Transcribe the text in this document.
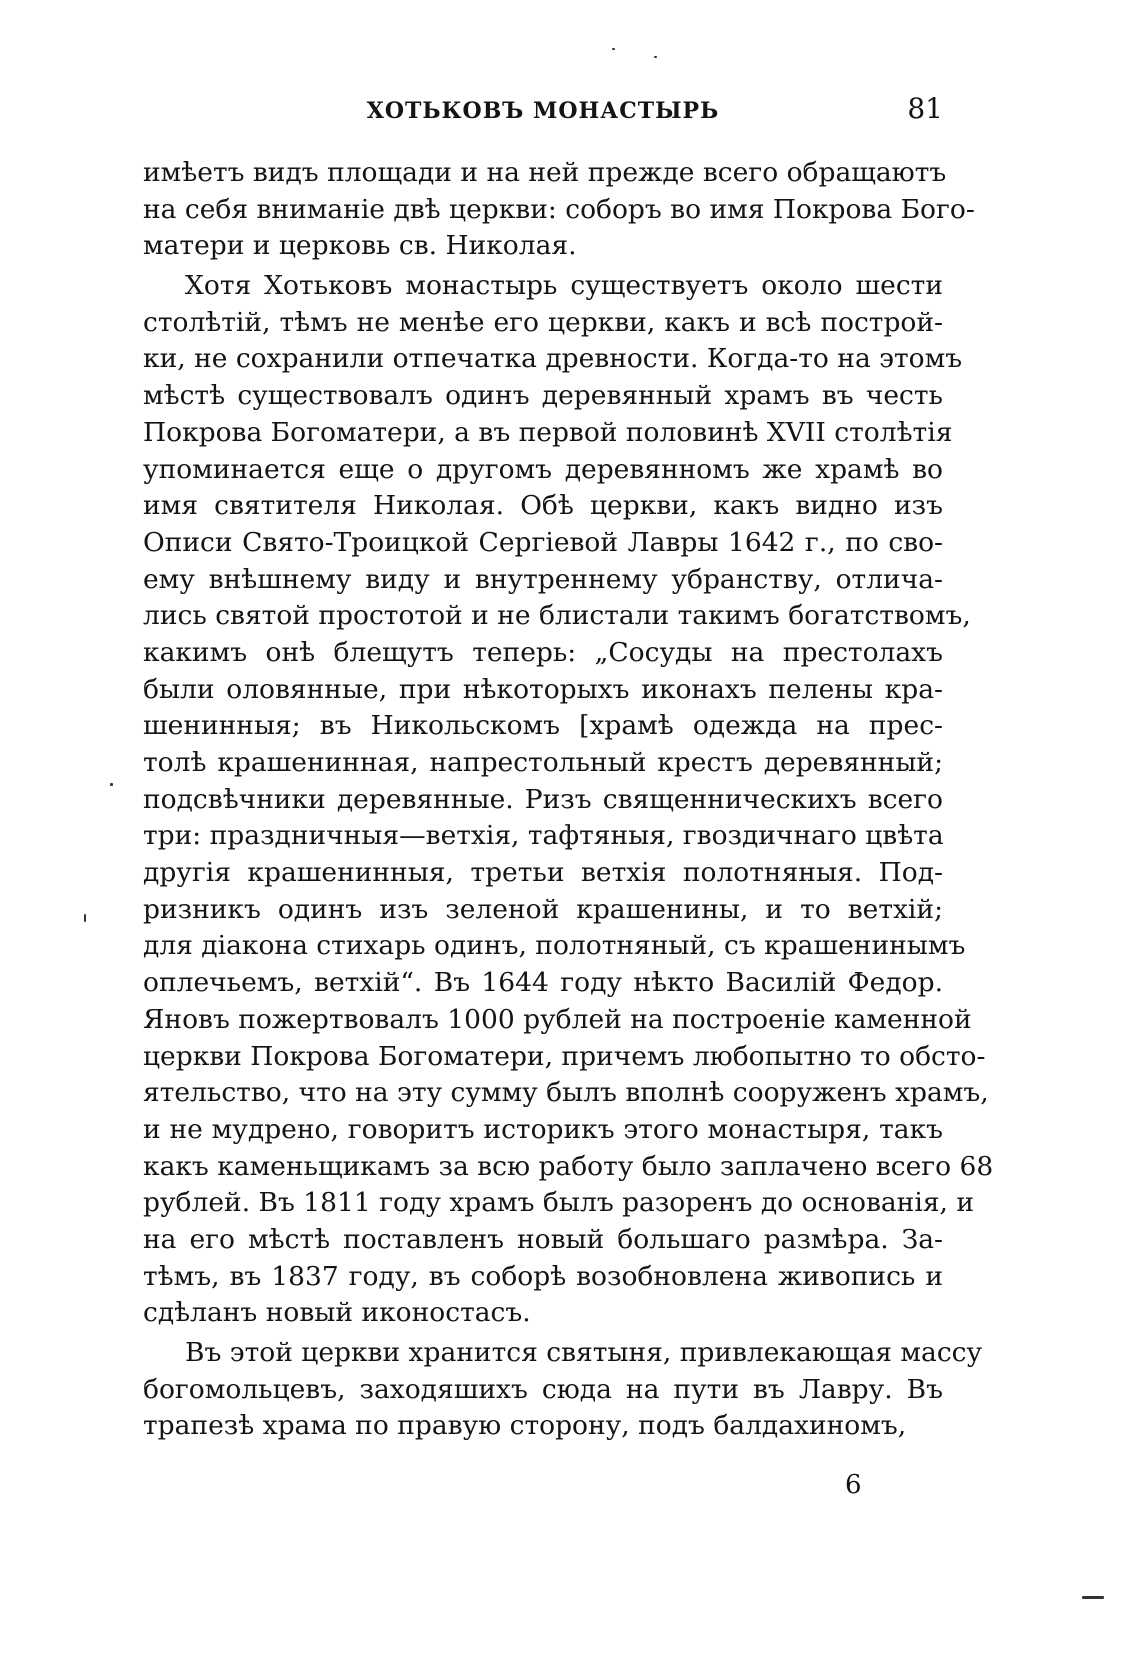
ХОТЬКОВЪ МОНАСТЫРЬ	81
имѣетъ видъ площади и на ней прежде всего обращаютъ
на себя вниманіе двѣ церкви: соборъ во имя Покрова Бого-
матери и церковь св. Николая.
Хотя Хотьковъ монастырь существуетъ около шести
столѣтій, тѣмъ не менѣе его церкви, какъ и всѣ построй-
ки, не сохранили отпечатка древности. Когда-то на этомъ
мѣстѣ существовалъ одинъ деревянный храмъ въ честь
Покрова Богоматери, а въ первой половинѣ XVII столѣтія
упоминается еще о другомъ деревянномъ же храмѣ во
имя святителя Николая. Обѣ церкви, какъ видно изъ
Описи Свято-Троицкой Сергіевой Лавры 1642 г., по сво-
ему внѣшнему виду и внутреннему убранству, отлича-
лись святой простотой и не блистали такимъ богатствомъ,
какимъ онѣ блещутъ теперь: „Сосуды на престолахъ
были оловянные, при нѣкоторыхъ иконахъ пелены кра-
шенинныя; въ Никольскомъ [храмѣ одежда на прес-
толѣ крашенинная, напрестольный крестъ деревянный;
подсвѣчники деревянные. Ризъ священническихъ всего
три: праздничныя—ветхія, тафтяныя, гвоздичнаго цвѣта
другія крашенинныя, третьи ветхія полотняныя. Под-
ризникъ одинъ изъ зеленой крашенины, и то ветхій;
для діакона стихарь одинъ, полотняный, съ крашенинымъ
оплечьемъ, ветхій“. Въ 1644 году нѣкто Василій Федор.
Яновъ пожертвовалъ 1000 рублей на построеніе каменной
церкви Покрова Богоматери, причемъ любопытно то обсто-
ятельство, что на эту сумму былъ вполнѣ сооруженъ храмъ,
и не мудрено, говоритъ историкъ этого монастыря, такъ
какъ каменьщикамъ за всю работу было заплачено всего 68
рублей. Въ 1811 году храмъ былъ разоренъ до основанія, и
на его мѣстѣ поставленъ новый большаго размѣра. За-
тѣмъ, въ 1837 году, въ соборѣ возобновлена живопись и
сдѣланъ новый иконостасъ.
Въ этой церкви хранится святыня, привлекающая массу
богомольцевъ, заходяшихъ сюда на пути въ Лавру. Въ
трапезѣ храма по правую сторону, подъ балдахиномъ,
6
